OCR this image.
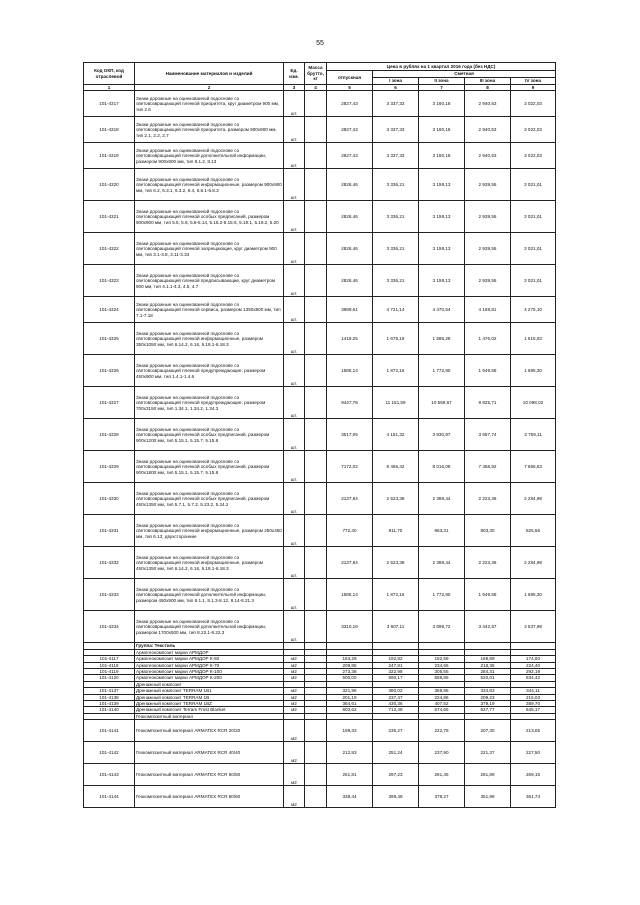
55
Код ОКП, код отраслевой	Наименование материалов и изделий	Ед. изм.	Масса брутто, кг	Цена в рублях на 1 квартал 2016 года (без НДС)				
				отпускная	Сметная			
					I зона	II зона	III зона	IV зона
1	2	3	4	5	6	7	8	9
101-4317	Знаки дорожные на оцинкованной подоснове со световозвращающей пленкой приоритета, круг диаметром 900 мм, тип 2.6	шт.		2827,43	3 337,33	3 160,18	2 940,53	3 022,03
101-4318	Знаки дорожные на оцинкованной подоснове со световозвращающей пленкой приоритета, размером 900х900 мм, тип 2.1, 2.2, 2.7	шт.		2827,43	3 337,33	3 160,18	2 940,53	3 022,03
101-4319	Знаки дорожные на оцинкованной подоснове со световозвращающей пленкой дополнительной информации, размером 900х900 мм, тип 8.1.2, 8.13	шт.		2827,43	3 337,33	3 160,18	2 940,53	3 022,03
101-4320	Знаки дорожные на оцинкованной подоснове со световозвращающей пленкой информационные, размером 900х900 мм, тип 6.2, 6.3.1, 6.3.2, 6.4, 6.8.1-6.8.3	шт.		2826,46	3 336,21	3 159,13	2 939,55	3 021,01
101-4321	Знаки дорожные на оцинкованной подоснове со световозвращающей пленкой особых предписаний, размером 900х900 мм, тип 5.5, 5.6, 5.8-5.14, 5.15.2-5.15.6, 5.19.1, 5.19.2, 5.20	шт.		2826,46	3 336,21	3 159,13	2 939,55	3 021,01
101-4322	Знаки дорожные на оцинкованной подоснове со световозвращающей пленкой запрещающие, круг диаметром 900 мм, тип 3.1-3.8, 3.11-3.33	шт.		2826,46	3 336,21	3 159,13	2 939,55	3 021,01
101-4323	Знаки дорожные на оцинкованной подоснове со световозвращающей пленкой предписывающие, круг диаметром 900 мм, тип 4.1.1-4.3, 4.5, 4.7	шт.		2826,46	3 336,21	3 159,13	2 939,55	3 021,01
101-4324	Знаки дорожные на оцинкованной подоснове со световозвращающей пленкой сервиса, размером 1350х900 мм, тип 7.1-7.18	шт.		3999,61	4 721,14	4 470,54	4 159,81	4 275,10
101-4325	Знаки дорожные на оцинкованной подоснове со световозвращающей пленкой информационные, размером 350х1050 мм, тип 6.14.2, 6.16, 6.18.1-6.18.3	шт.		1419,25	1 675,19	1 586,28	1 476,02	1 516,93
101-4326	Знаки дорожные на оцинкованной подоснове со световозвращающей пленкой предупреждающие, размером 450х900 мм, тип 1.4.1-1.4.6	шт.		1586,14	1 872,16	1 772,80	1 649,58	1 695,30
101-4327	Знаки дорожные на оцинкованной подоснове со световозвращающей пленкой предупреждающие, размером 700х3150 мм, тип 1.34.1, 1.34.2, 1.34.3	шт.		9447,78	11 151,59	10 559,67	9 825,71	10 098,02
101-4328	Знаки дорожные на оцинкованной подоснове со световозвращающей пленкой особых предписаний, размером 900х1200 мм, тип 5.15.1, 5.15.7, 5.15.8	шт.		3517,05	4 151,32	3 930,97	3 657,74	3 759,11
101-4329	Знаки дорожные на оцинкованной подоснове со световозвращающей пленкой особых предписаний, размером 900х1800 мм, тип 5.15.1, 5.15.7, 5.15.8	шт.		7172,02	8 465,42	8 016,08	7 458,92	7 665,63
101-4330	Знаки дорожные на оцинкованной подоснове со световозвращающей пленкой особых предписаний, размером 450х1350 мм, тип 5.7.1, 5.7.2, 5.23.2, 5.24.2	шт.		2137,84	2 523,38	2 389,44	2 223,36	2 284,98
101-4331	Знаки дорожные на оцинкованной подоснове со световозвращающей пленкой информационные, размером 250х450 мм, тип 6.13, двухсторонние	шт.		772,40	911,70	863,31	803,30	825,56
101-4332	Знаки дорожные на оцинкованной подоснове со световозвращающей пленкой информационные, размером 450х1350 мм, тип 6.14.2, 6.16, 6.18.1-6.18.3	шт.		2137,84	2 523,38	2 389,44	2 223,36	2 284,98
101-4333	Знаки дорожные на оцинкованной подоснове со световозвращающей пленкой дополнительной информации, размером 450х900 мм, тип 8.1.1, 8.1.3-8.12, 8.14-8.21.3	шт.		1586,14	1 872,16	1 772,80	1 649,58	1 695,30
101-4334	Знаки дорожные на оцинкованной подоснове со световозвращающей пленкой дополнительной информации, размером 1700х500 мм, тип 8.22.1-8.22.3	шт.		3310,16	3 907,11	3 699,72	3 442,57	3 537,98
	Группа: Текстиль							
	Армогеокомпозит марки АРМДОР							
101-4117	Армогеокомпозит марки АРМДОР К-50	м2		163,26	192,82	182,59	169,89	174,60
101-4118	Армогеокомпозит марки АРМДОР К-70	м2		209,85	247,81	234,66	218,35	224,40
101-4119	Армогеокомпозит марки АРМДОР К-100	м2		273,38	322,98	305,55	284,31	292,19
101-4120	Армогеокомпозит марки АРМДОР К-200	м2		500,00	590,17	558,85	520,01	534,42
	Дренажный композит							
101-4137	Дренажный композит TERRAM 1B1	м2		321,96	380,02	359,85	334,83	344,11
101-4138	Дренажный композит TERRAM 1B	м2		201,19	237,47	224,86	209,23	215,03
101-4139	Дренажный композит TERRAM 1BZ	м2		364,61	430,36	407,52	379,19	389,70
101-4140	Дренажный композит Terram Frost Blanket	м2		603,62	712,48	674,65	627,77	645,17
	Геокомпозитный материал							
101-4141	Геокомпозитный материал ARMATEX RCR 20/20	м2		199,33	235,27	222,78	207,30	213,05
101-4142	Геокомпозитный материал ARMATEX RCR 40/40	м2		212,83	251,24	237,90	221,37	227,50
101-4143	Геокомпозитный материал ARMATEX RCR 50/50	м2		251,81	297,23	281,45	261,89	269,15
101-4144	Геокомпозитный материал ARMATEX RCR 60/60	м2		338,44	399,48	378,27	351,98	361,74
